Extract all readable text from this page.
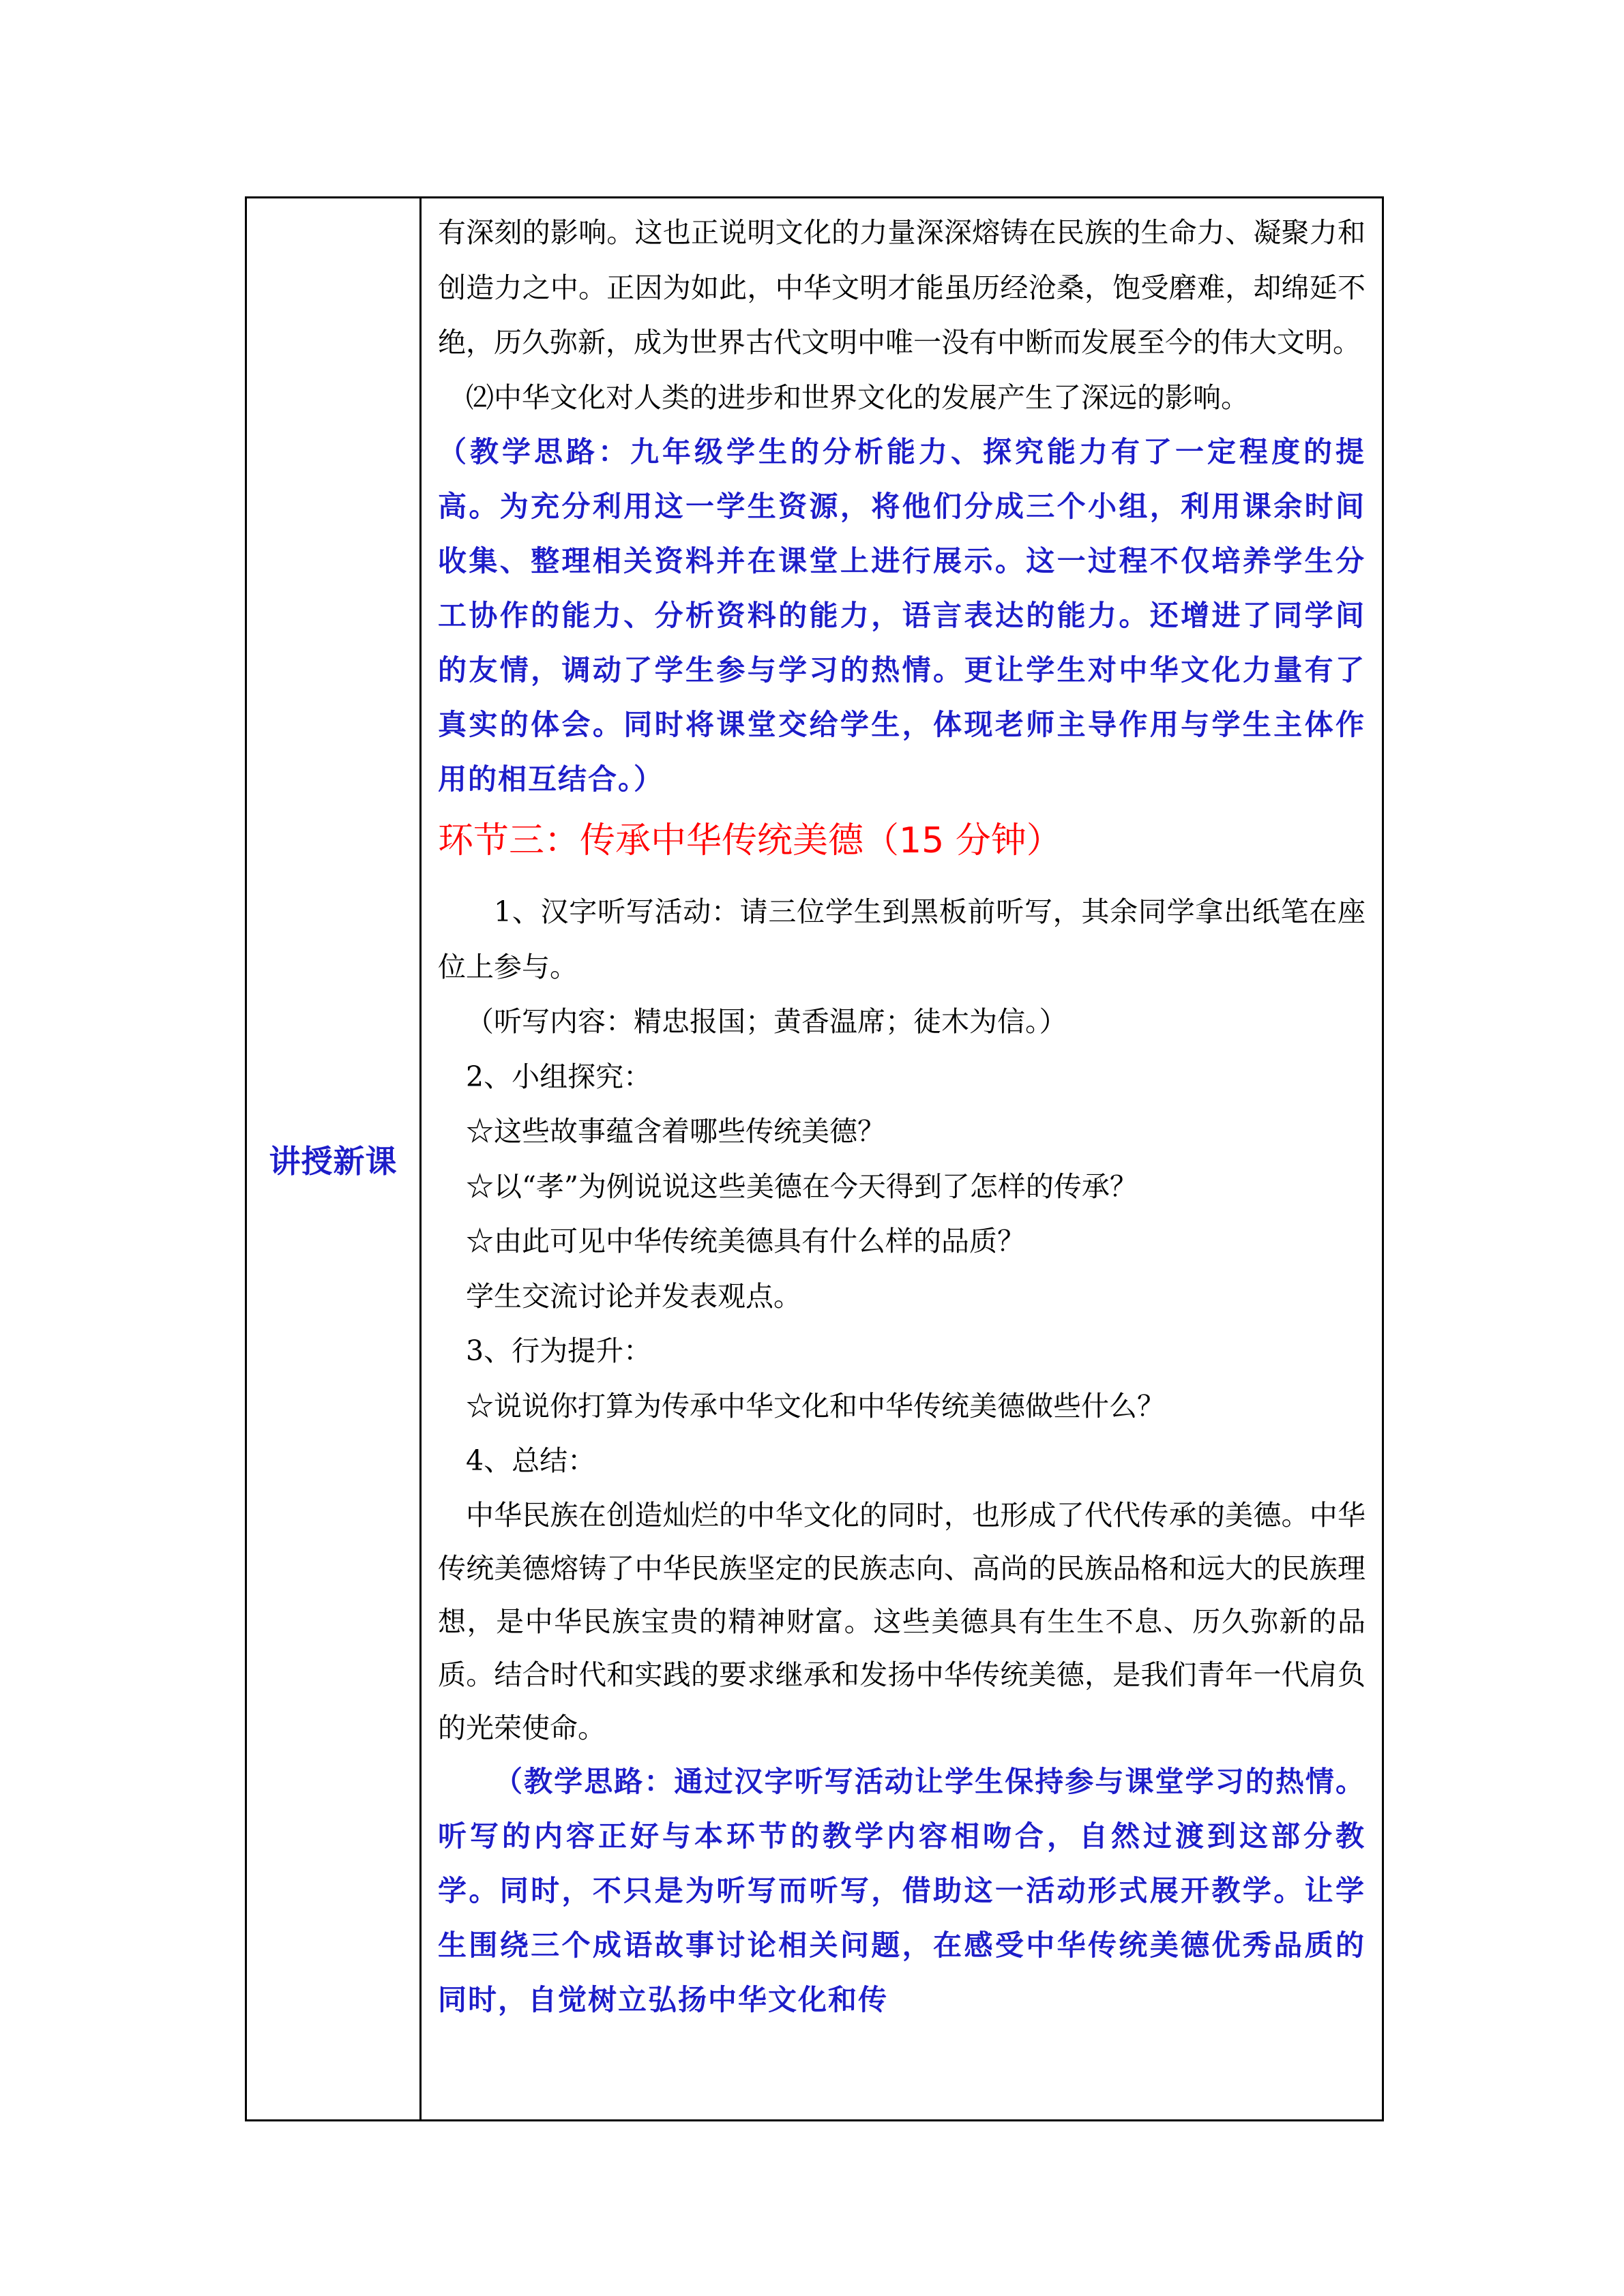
讲授新课	

有深刻的影响。这也正说明文化的力量深深熔铸在民族的生命力、凝聚力和创造力之中。正因为如此，中华文明才能虽历经沧桑，饱受磨难，却绵延不绝，历久弥新，成为世界古代文明中唯一没有中断而发展至今的伟大文明。

⑵中华文化对人类的进步和世界文化的发展产生了深远的影响。

（教学思路：九年级学生的分析能力、探究能力有了一定程度的提高。为充分利用这一学生资源，将他们分成三个小组，利用课余时间收集、整理相关资料并在课堂上进行展示。这一过程不仅培养学生分工协作的能力、分析资料的能力，语言表达的能力。还增进了同学间的友情，调动了学生参与学习的热情。更让学生对中华文化力量有了真实的体会。同时将课堂交给学生，体现老师主导作用与学生主体作用的相互结合。）

环节三：传承中华传统美德（15 分钟）

1、汉字听写活动：请三位学生到黑板前听写，其余同学拿出纸笔在座位上参与。

（听写内容：精忠报国；黄香温席；徒木为信。）

2、小组探究：

☆这些故事蕴含着哪些传统美德？

☆以“孝”为例说说这些美德在今天得到了怎样的传承？

☆由此可见中华传统美德具有什么样的品质？

学生交流讨论并发表观点。

3、行为提升：

☆说说你打算为传承中华文化和中华传统美德做些什么？

4、总结：

中华民族在创造灿烂的中华文化的同时，也形成了代代传承的美德。中华传统美德熔铸了中华民族坚定的民族志向、高尚的民族品格和远大的民族理想，是中华民族宝贵的精神财富。这些美德具有生生不息、历久弥新的品质。结合时代和实践的要求继承和发扬中华传统美德，是我们青年一代肩负的光荣使命。

（教学思路：通过汉字听写活动让学生保持参与课堂学习的热情。听写的内容正好与本环节的教学内容相吻合，自然过渡到这部分教学。同时，不只是为听写而听写，借助这一活动形式展开教学。让学生围绕三个成语故事讨论相关问题，在感受中华传统美德优秀品质的同时，自觉树立弘扬中华文化和传
